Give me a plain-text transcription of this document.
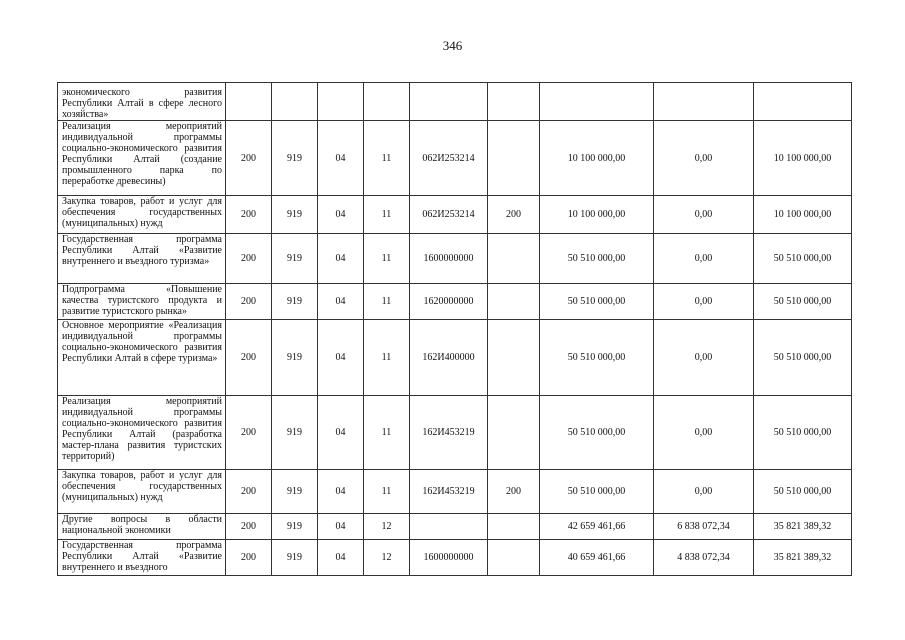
346
экономического развития Республики Алтай в сфере лесного хозяйства»									
Реализация мероприятий индивидуальной программы социально-экономического развития Республики Алтай (создание промышленного парка по переработке древесины)	200	919	04	11	062И253214		10 100 000,00	0,00	10 100 000,00
Закупка товаров, работ и услуг для обеспечения государственных (муниципальных) нужд	200	919	04	11	062И253214	200	10 100 000,00	0,00	10 100 000,00
Государственная программа Республики Алтай «Развитие внутреннего и въездного туризма»	200	919	04	11	1600000000		50 510 000,00	0,00	50 510 000,00
Подпрограмма «Повышение качества туристского продукта и развитие туристского рынка»	200	919	04	11	1620000000		50 510 000,00	0,00	50 510 000,00
Основное мероприятие «Реализация индивидуальной программы социально-экономического развития Республики Алтай в сфере туризма»	200	919	04	11	162И400000		50 510 000,00	0,00	50 510 000,00
Реализация мероприятий индивидуальной программы социально-экономического развития Республики Алтай (разработка мастер-плана развития туристских территорий)	200	919	04	11	162И453219		50 510 000,00	0,00	50 510 000,00
Закупка товаров, работ и услуг для обеспечения государственных (муниципальных) нужд	200	919	04	11	162И453219	200	50 510 000,00	0,00	50 510 000,00
Другие вопросы в области национальной экономики	200	919	04	12			42 659 461,66	6 838 072,34	35 821 389,32
Государственная программа Республики Алтай «Развитие внутреннего и въездного	200	919	04	12	1600000000		40 659 461,66	4 838 072,34	35 821 389,32
